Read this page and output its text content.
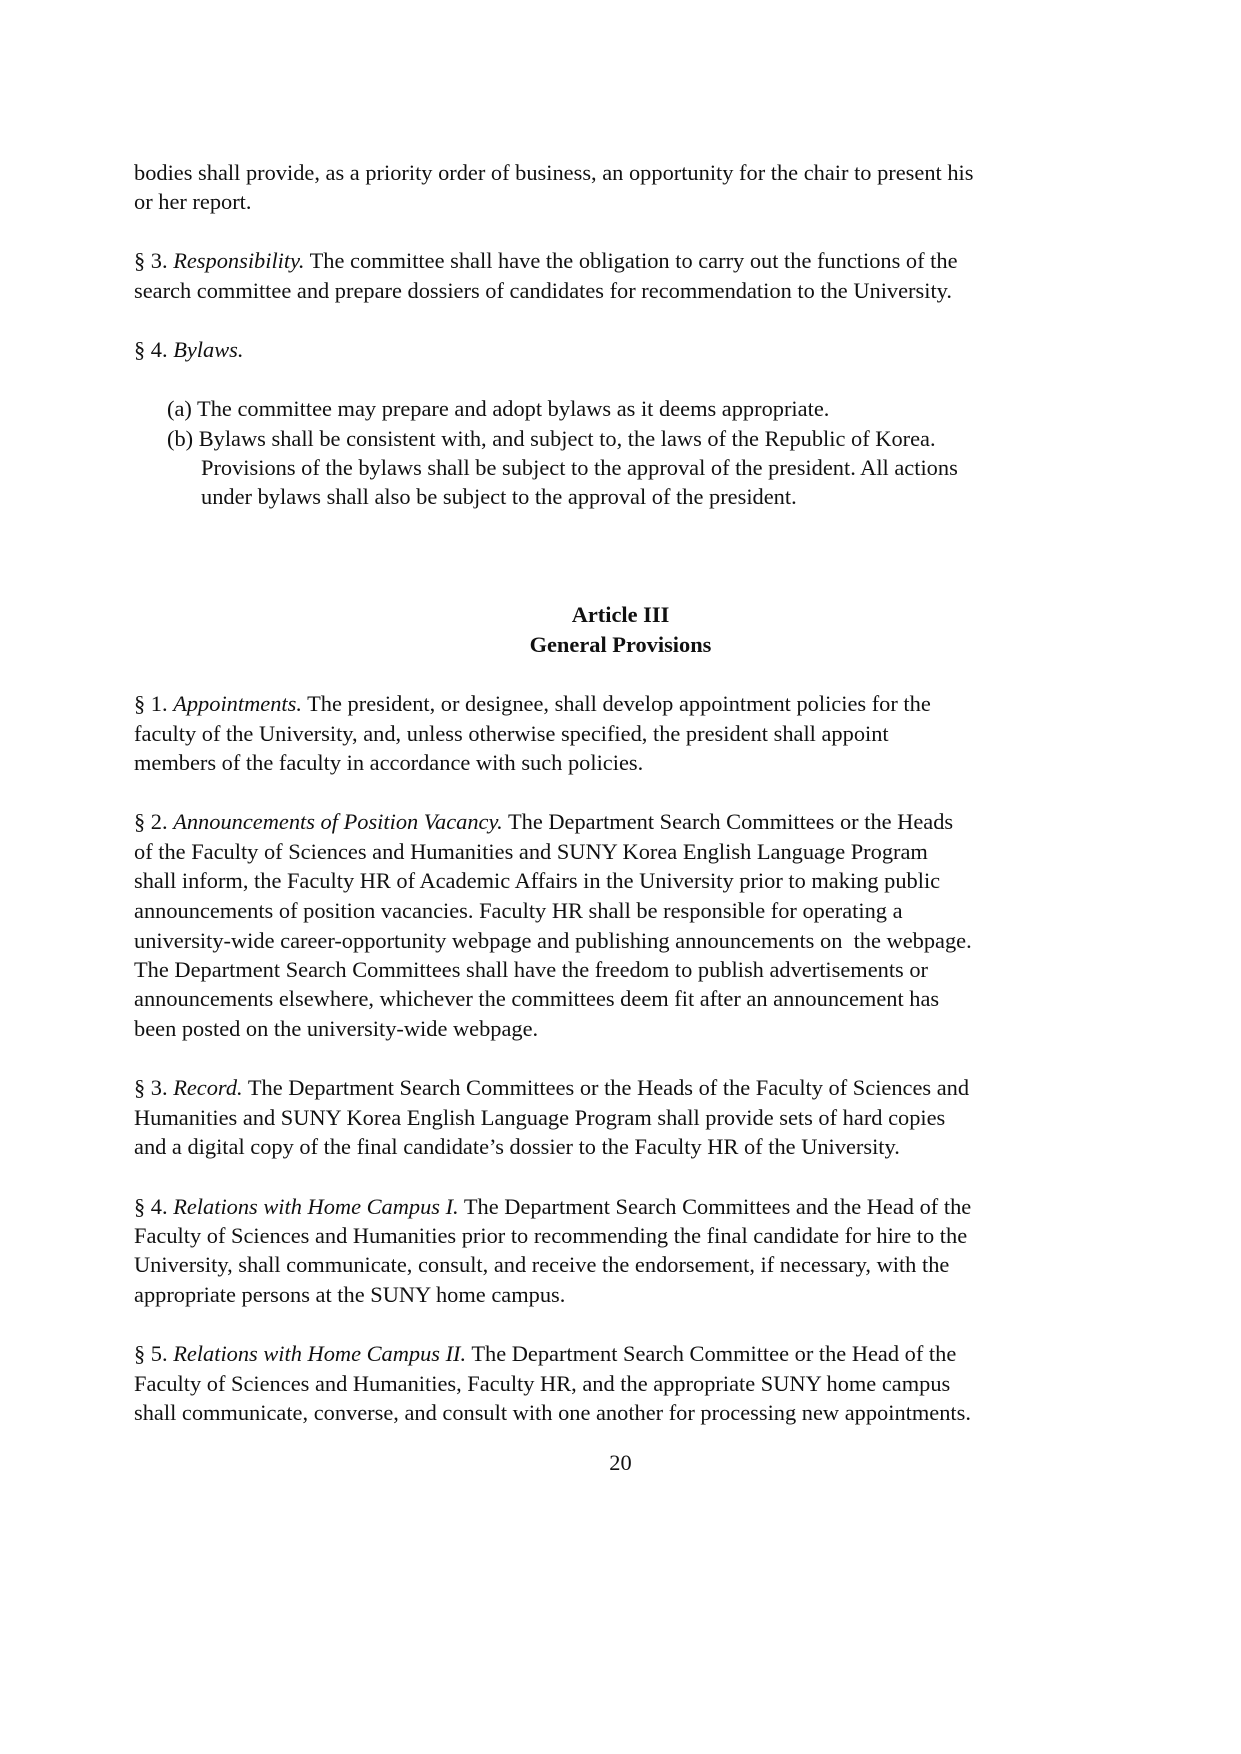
bodies shall provide, as a priority order of business, an opportunity for the chair to present his
or her report.
§ 3. Responsibility. The committee shall have the obligation to carry out the functions of the
search committee and prepare dossiers of candidates for recommendation to the University.
§ 4. Bylaws.
(a) The committee may prepare and adopt bylaws as it deems appropriate.
(b) Bylaws shall be consistent with, and subject to, the laws of the Republic of Korea.
Provisions of the bylaws shall be subject to the approval of the president. All actions
under bylaws shall also be subject to the approval of the president.
Article III
General Provisions
§ 1. Appointments. The president, or designee, shall develop appointment policies for the
faculty of the University, and, unless otherwise specified, the president shall appoint
members of the faculty in accordance with such policies.
§ 2. Announcements of Position Vacancy. The Department Search Committees or the Heads
of the Faculty of Sciences and Humanities and SUNY Korea English Language Program
shall inform, the Faculty HR of Academic Affairs in the University prior to making public
announcements of position vacancies. Faculty HR shall be responsible for operating a
university-wide career-opportunity webpage and publishing announcements on  the webpage.
The Department Search Committees shall have the freedom to publish advertisements or
announcements elsewhere, whichever the committees deem fit after an announcement has
been posted on the university-wide webpage.
§ 3. Record. The Department Search Committees or the Heads of the Faculty of Sciences and
Humanities and SUNY Korea English Language Program shall provide sets of hard copies
and a digital copy of the final candidate’s dossier to the Faculty HR of the University.
§ 4. Relations with Home Campus I. The Department Search Committees and the Head of the
Faculty of Sciences and Humanities prior to recommending the final candidate for hire to the
University, shall communicate, consult, and receive the endorsement, if necessary, with the
appropriate persons at the SUNY home campus.
§ 5. Relations with Home Campus II. The Department Search Committee or the Head of the
Faculty of Sciences and Humanities, Faculty HR, and the appropriate SUNY home campus
shall communicate, converse, and consult with one another for processing new appointments.
20
